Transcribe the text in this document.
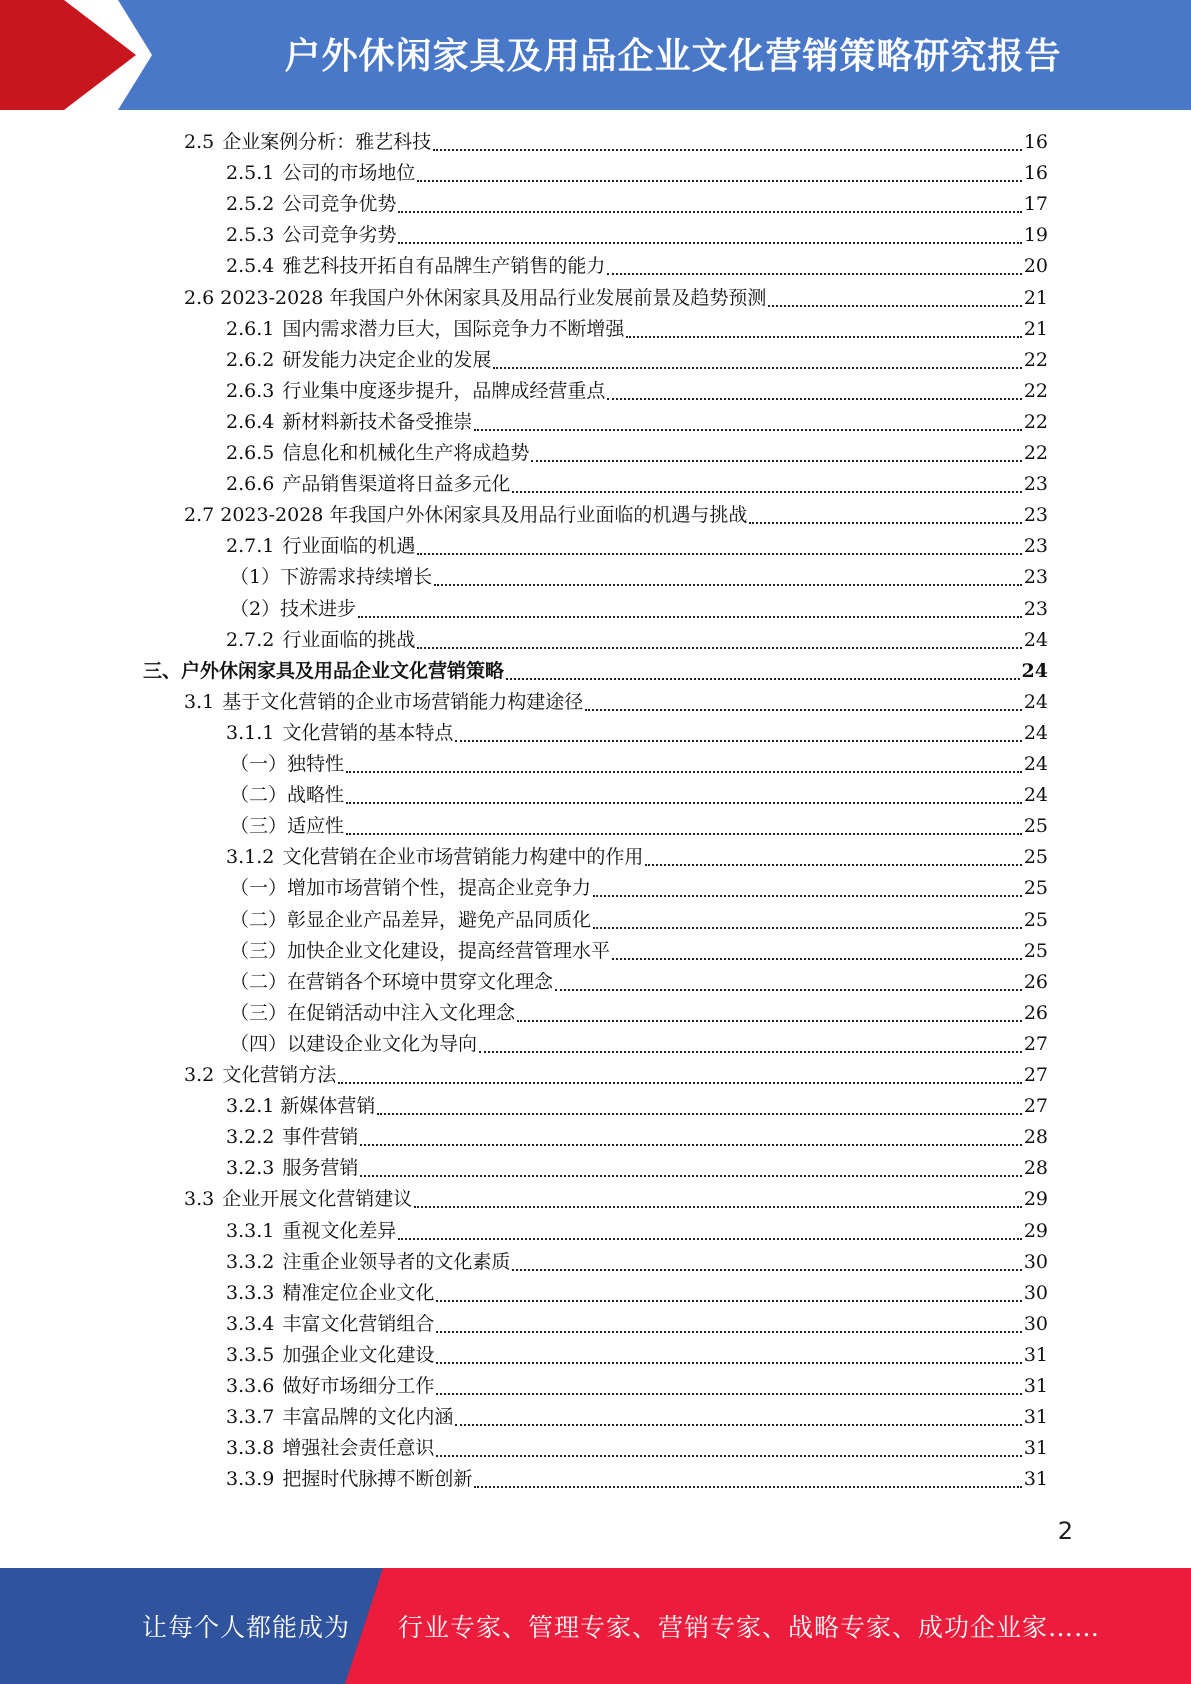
户外休闲家具及用品企业文化营销策略研究报告
2.5 企业案例分析：雅艺科技	16
2.5.1 公司的市场地位	16
2.5.2 公司竞争优势	17
2.5.3 公司竞争劣势	19
2.5.4 雅艺科技开拓自有品牌生产销售的能力	20
2.6 2023-2028 年我国户外休闲家具及用品行业发展前景及趋势预测	21
2.6.1 国内需求潜力巨大，国际竞争力不断增强	21
2.6.2 研发能力决定企业的发展	22
2.6.3 行业集中度逐步提升，品牌成经营重点	22
2.6.4 新材料新技术备受推崇	22
2.6.5 信息化和机械化生产将成趋势	22
2.6.6 产品销售渠道将日益多元化	23
2.7 2023-2028 年我国户外休闲家具及用品行业面临的机遇与挑战	23
2.7.1 行业面临的机遇	23
（1）下游需求持续增长	23
（2）技术进步	23
2.7.2 行业面临的挑战	24
三、户外休闲家具及用品企业文化营销策略	24
3.1 基于文化营销的企业市场营销能力构建途径	24
3.1.1 文化营销的基本特点	24
（一）独特性	24
（二）战略性	24
（三）适应性	25
3.1.2 文化营销在企业市场营销能力构建中的作用	25
（一）增加市场营销个性，提高企业竞争力	25
（二）彰显企业产品差异，避免产品同质化	25
（三）加快企业文化建设，提高经营管理水平	25
（二）在营销各个环境中贯穿文化理念	26
（三）在促销活动中注入文化理念	26
（四）以建设企业文化为导向	27
3.2 文化营销方法	27
3.2.1 新媒体营销	27
3.2.2 事件营销	28
3.2.3 服务营销	28
3.3 企业开展文化营销建议	29
3.3.1 重视文化差异	29
3.3.2 注重企业领导者的文化素质	30
3.3.3 精准定位企业文化	30
3.3.4 丰富文化营销组合	30
3.3.5 加强企业文化建设	31
3.3.6 做好市场细分工作	31
3.3.7 丰富品牌的文化内涵	31
3.3.8 增强社会责任意识	31
3.3.9 把握时代脉搏不断创新	31
2
让每个人都能成为 行业专家、管理专家、营销专家、战略专家、成功企业家……
